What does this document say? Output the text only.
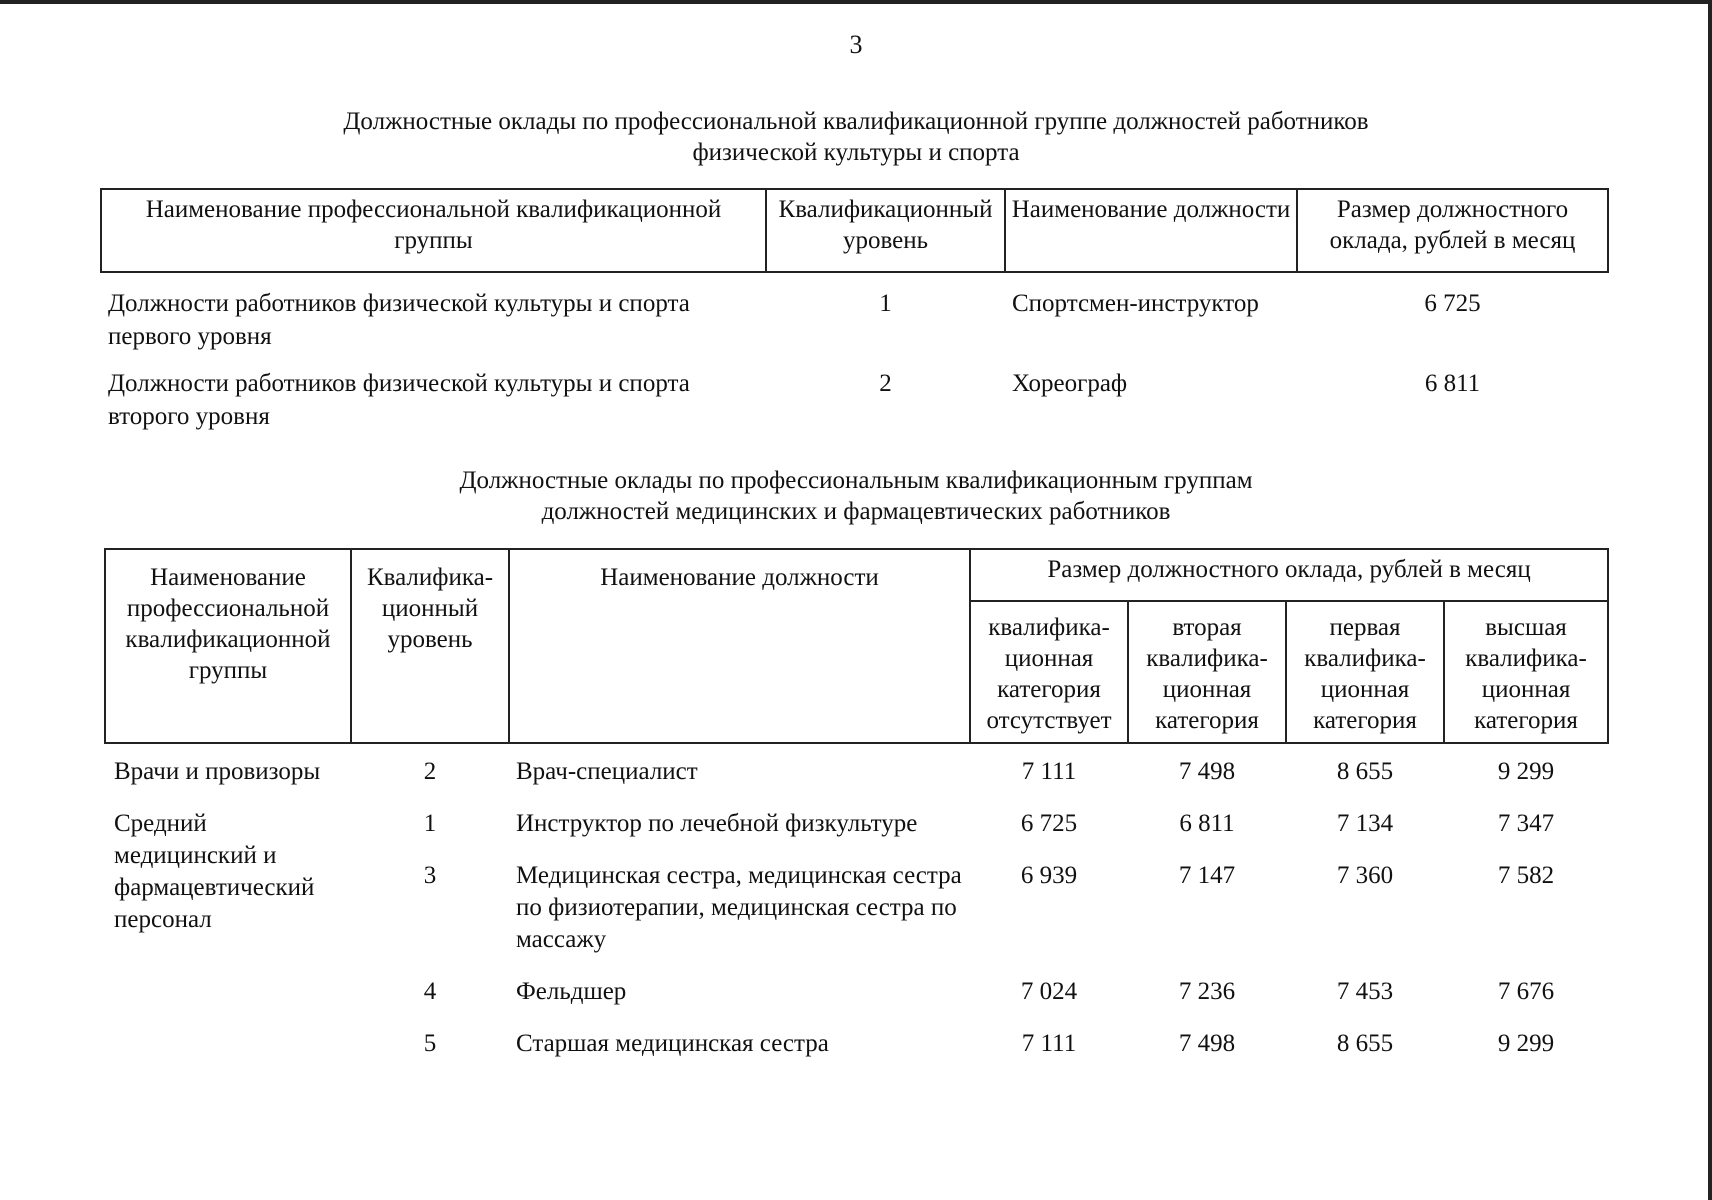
3
Должностные оклады по профессиональной квалификационной группе должностей работников
физической культуры и спорта
Наименование профессиональной квалификационной группы	Квалификационный уровень	Наименование должности	Размер должностного оклада, рублей в месяц
Должности работников физической культуры и спорта первого уровня	1	Спортсмен-инструктор	6 725
Должности работников физической культуры и спорта второго уровня	2	Хореограф	6 811
Должностные оклады по профессиональным квалификационным группам
должностей медицинских и фармацевтических работников
Наименование профессиональной квалификационной группы	Квалифика-ционный уровень	Наименование должности	Размер должностного оклада, рублей в месяц			
			квалифика-ционная категория отсутствует	вторая квалифика-ционная категория	первая квалифика-ционная категория	высшая квалифика-ционная категория
Врачи и провизоры	2	Врач-специалист	7 111	7 498	8 655	9 299
Средний медицинский и фармацевтический персонал	1	Инструктор по лечебной физкультуре	6 725	6 811	7 134	7 347
	3	Медицинская сестра, медицинская сестра по физиотерапии, медицинская сестра по массажу	6 939	7 147	7 360	7 582
	4	Фельдшер	7 024	7 236	7 453	7 676
	5	Старшая медицинская сестра	7 111	7 498	8 655	9 299
